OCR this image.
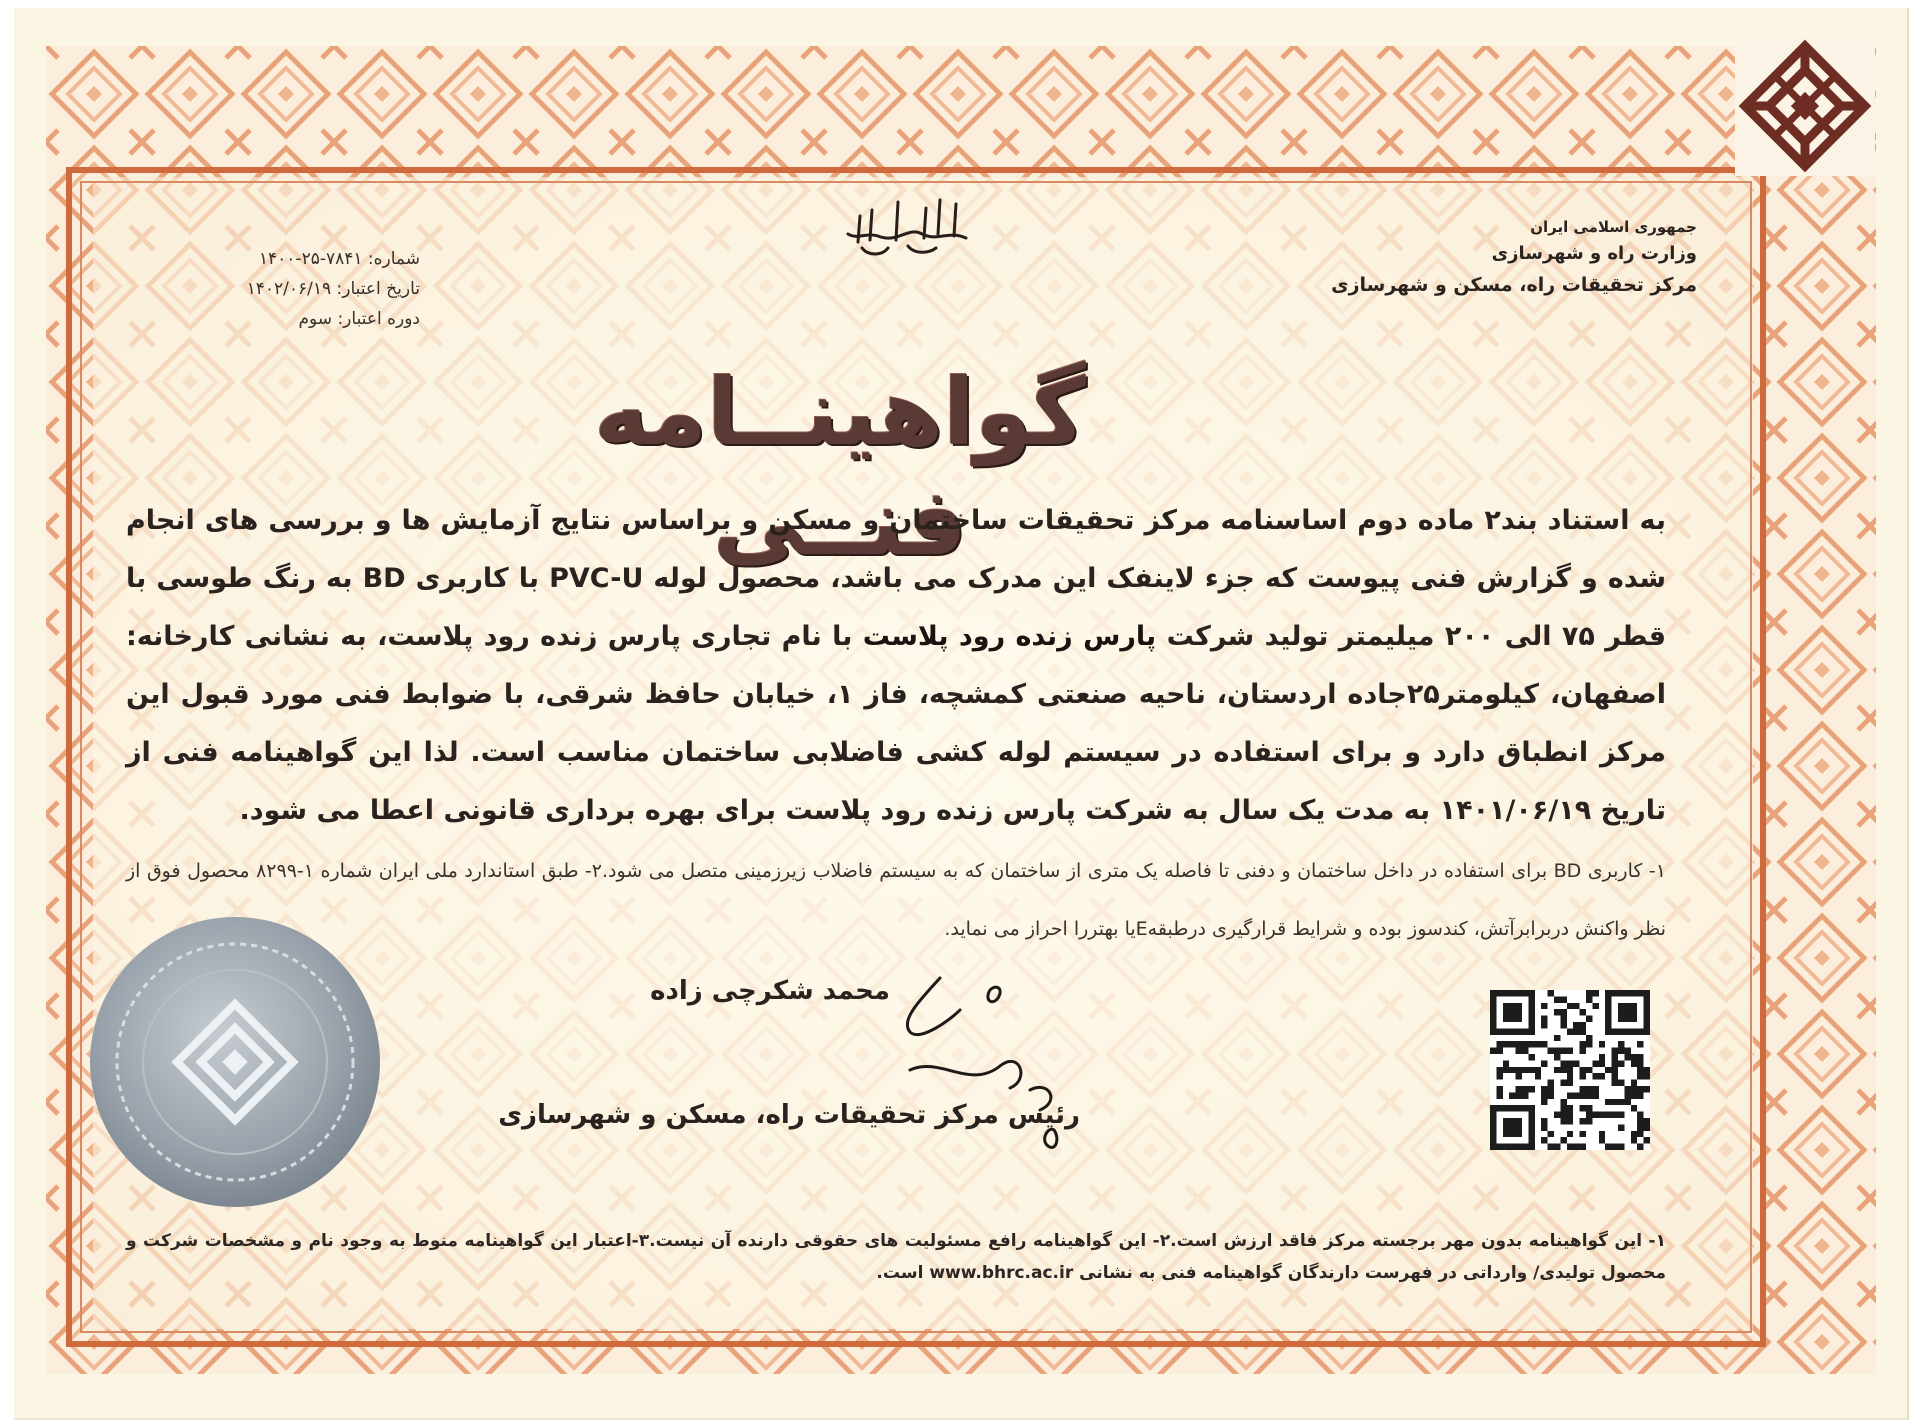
جمهوری اسلامی ایران
وزارت راه و شهرسازی
مرکز تحقیقات راه، مسکن و شهرسازی
شماره: ۷۸۴۱-۲۵-۱۴۰۰
تاریخ اعتبار: ۱۴۰۲/۰۶/۱۹
دوره اعتبار: سوم
گواهینــامه فنــی
به استناد بند۲ ماده دوم اساسنامه مرکز تحقیقات ساختمان و مسکن و براساس نتایج آزمایش ها و بررسی های انجام شده و گزارش فنی پیوست که جزء لاینفک این مدرک می باشد، محصول لوله PVC-U با کاربری BD به رنگ طوسی با قطر ۷۵ الی ۲۰۰ میلیمتر تولید شرکت پارس زنده رود پلاست با نام تجاری پارس زنده رود پلاست، به نشانی کارخانه: اصفهان، کیلومتر۲۵جاده اردستان، ناحیه صنعتی کمشچه، فاز ۱، خیابان حافظ شرقی، با ضوابط فنی مورد قبول این مرکز انطباق دارد و برای استفاده در سیستم لوله کشی فاضلابی ساختمان مناسب است. لذا این گواهینامه فنی از تاریخ ۱۴۰۱/۰۶/۱۹ به مدت یک سال به شرکت پارس زنده رود پلاست برای بهره برداری قانونی اعطا می شود.
۱- کاربری BD برای استفاده در داخل ساختمان و دفنی تا فاصله یک متری از ساختمان که به سیستم فاضلاب زیرزمینی متصل می شود.۲- طبق استاندارد ملی ایران شماره ۱-۸۲۹۹ محصول فوق از نظر واکنش دربرابرآتش، کندسوز بوده و شرایط قرارگیری درطبقهEیا بهتررا احراز می نماید.
محمد شکرچی زاده
رئیس مرکز تحقیقات راه، مسکن و شهرسازی
۱- این گواهینامه بدون مهر برجسته مرکز فاقد ارزش است.۲- این گواهینامه رافع مسئولیت های حقوقی دارنده آن نیست.۳-اعتبار این گواهینامه منوط به وجود نام و مشخصات شرکت و محصول تولیدی/ وارداتی در فهرست دارندگان گواهینامه فنی به نشانی www.bhrc.ac.ir است.
